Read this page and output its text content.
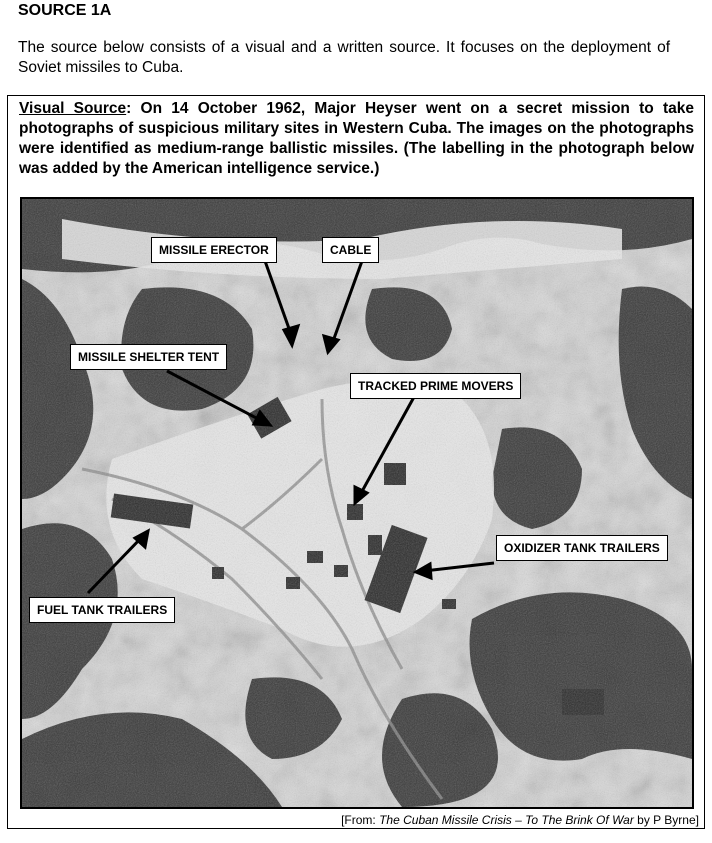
SOURCE 1A

The source below consists of a visual and a written source. It focuses on the deployment of Soviet missiles to Cuba.

Visual Source: On 14 October 1962, Major Heyser went on a secret mission to take photographs of suspicious military sites in Western Cuba. The images on the photographs were identified as medium-range ballistic missiles. (The labelling in the photograph below was added by the American intelligence service.)

MISSILE ERECTOR	CABLE
MISSILE SHELTER TENT
TRACKED PRIME MOVERS
OXIDIZER TANK TRAILERS
FUEL TANK TRAILERS
[From: The Cuban Missile Crisis – To The Brink Of War by P Byrne]
